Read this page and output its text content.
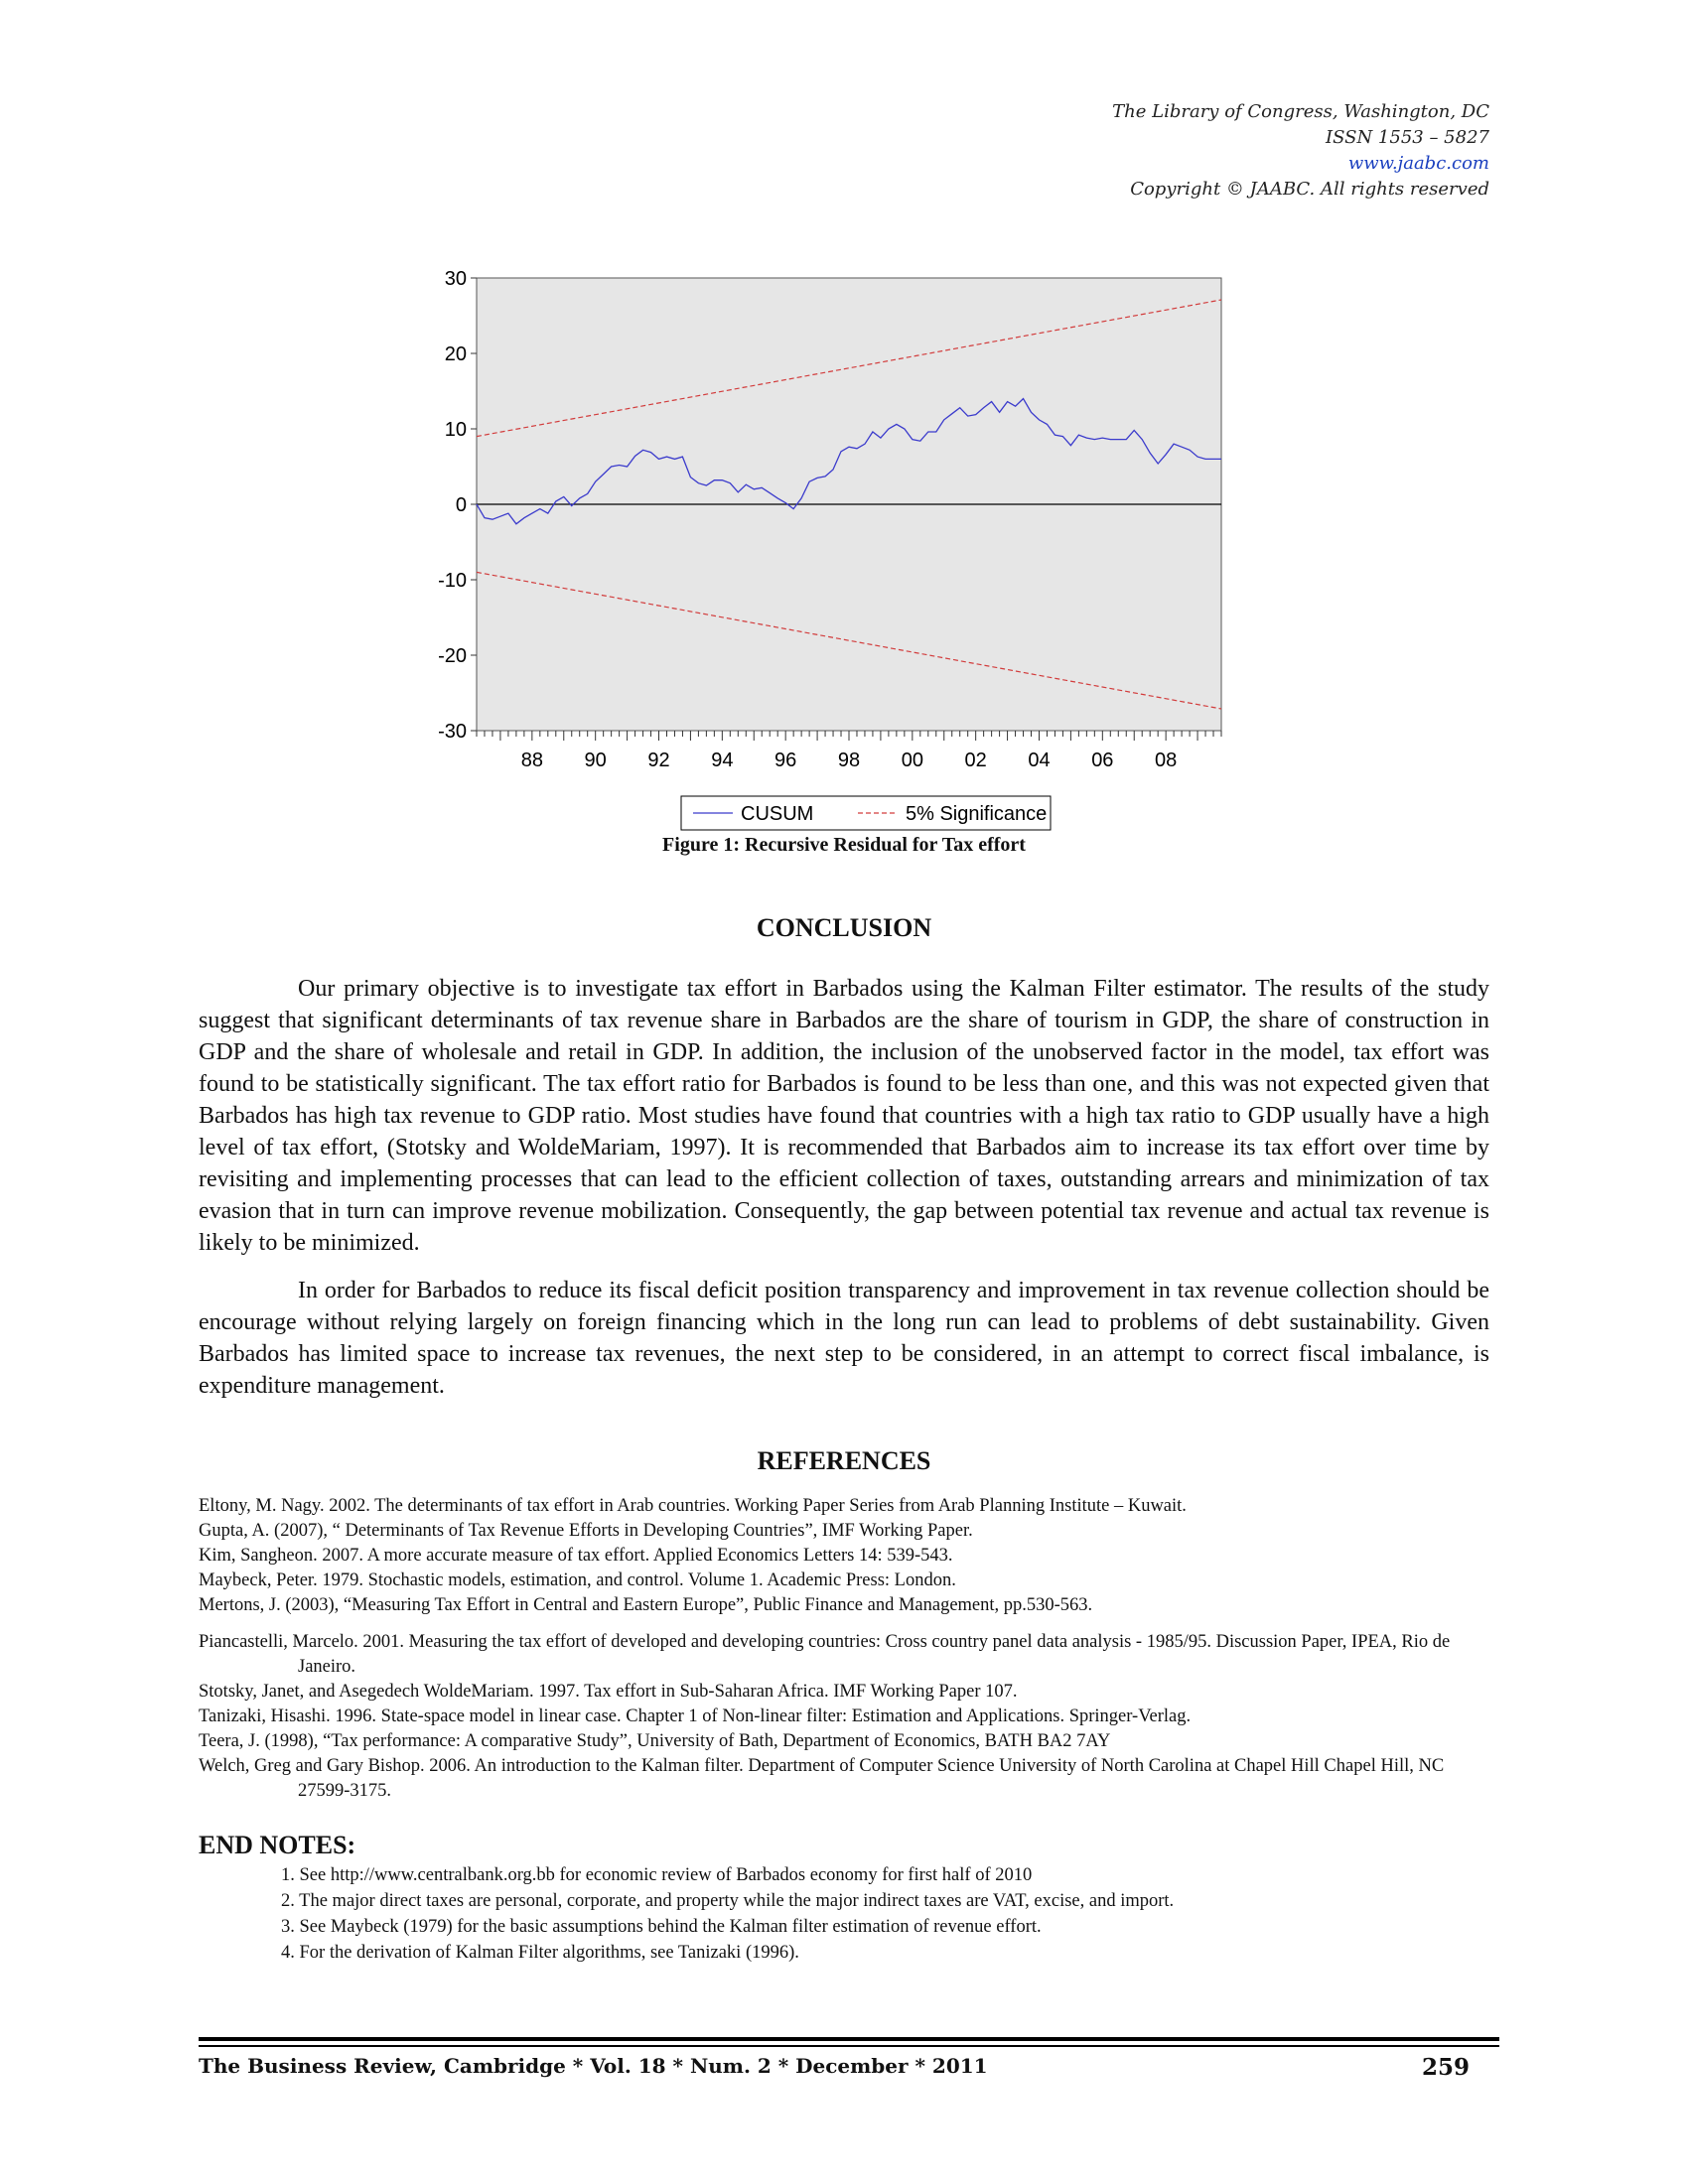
The Library of Congress, Washington, DC
ISSN 1553 – 5827
www.jaabc.com
Copyright © JAABC. All rights reserved
30
20
10
0
-10
-20
-30
88 90 92 94 96 98 00 02 04 06 08
CUSUM	5% Significance
Figure 1: Recursive Residual for Tax effort
CONCLUSION

Our primary objective is to investigate tax effort in Barbados using the Kalman Filter estimator. The results of the study suggest that significant determinants of tax revenue share in Barbados are the share of tourism in GDP, the share of construction in GDP and the share of wholesale and retail in GDP. In addition, the inclusion of the unobserved factor in the model, tax effort was found to be statistically significant. The tax effort ratio for Barbados is found to be less than one, and this was not expected given that Barbados has high tax revenue to GDP ratio. Most studies have found that countries with a high tax ratio to GDP usually have a high level of tax effort, (Stotsky and WoldeMariam, 1997). It is recommended that Barbados aim to increase its tax effort over time by revisiting and implementing processes that can lead to the efficient collection of taxes, outstanding arrears and minimization of tax evasion that in turn can improve revenue mobilization. Consequently, the gap between potential tax revenue and actual tax revenue is likely to be minimized.

In order for Barbados to reduce its fiscal deficit position transparency and improvement in tax revenue collection should be encourage without relying largely on foreign financing which in the long run can lead to problems of debt sustainability. Given Barbados has limited space to increase tax revenues, the next step to be considered, in an attempt to correct fiscal imbalance, is expenditure management.

REFERENCES
Eltony, M. Nagy. 2002. The determinants of tax effort in Arab countries. Working Paper Series from Arab Planning Institute – Kuwait.
Gupta, A. (2007), “ Determinants of Tax Revenue Efforts in Developing Countries”, IMF Working Paper.
Kim, Sangheon. 2007. A more accurate measure of tax effort. Applied Economics Letters 14: 539-543.
Maybeck, Peter. 1979. Stochastic models, estimation, and control. Volume 1. Academic Press: London.
Mertons, J. (2003), “Measuring Tax Effort in Central and Eastern Europe”, Public Finance and Management, pp.530-563.
Piancastelli, Marcelo. 2001. Measuring the tax effort of developed and developing countries: Cross country panel data analysis - 1985/95. Discussion Paper, IPEA, Rio de Janeiro.
Stotsky, Janet, and Asegedech WoldeMariam. 1997. Tax effort in Sub-Saharan Africa. IMF Working Paper 107.
Tanizaki, Hisashi. 1996. State-space model in linear case. Chapter 1 of Non-linear filter: Estimation and Applications. Springer-Verlag.
Teera, J. (1998), “Tax performance: A comparative Study”, University of Bath, Department of Economics, BATH BA2 7AY
Welch, Greg and Gary Bishop. 2006. An introduction to the Kalman filter. Department of Computer Science University of North Carolina at Chapel Hill Chapel Hill, NC 27599-3175.
END NOTES:
1. See http://www.centralbank.org.bb for economic review of Barbados economy for first half of 2010
2. The major direct taxes are personal, corporate, and property while the major indirect taxes are VAT, excise, and import.
3. See Maybeck (1979) for the basic assumptions behind the Kalman filter estimation of revenue effort.
4. For the derivation of Kalman Filter algorithms, see Tanizaki (1996).
The Business Review, Cambridge * Vol. 18 * Num. 2 * December * 2011	259
